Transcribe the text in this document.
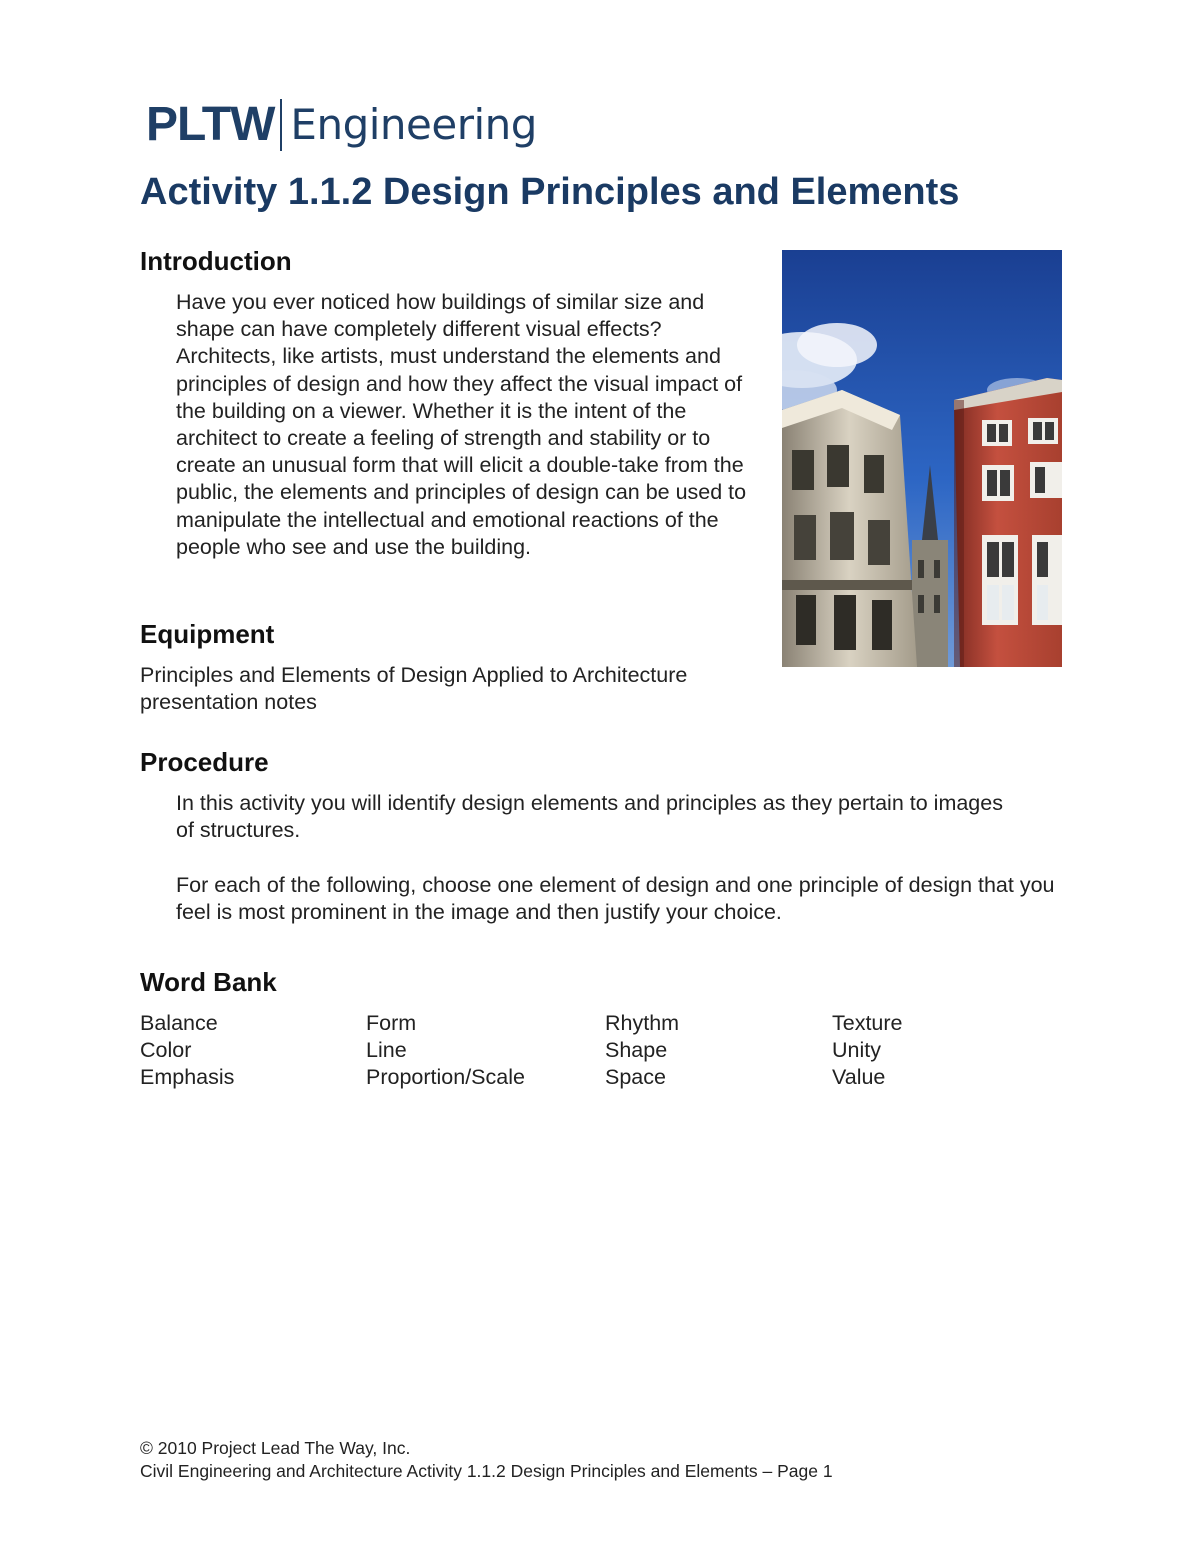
PLTW Engineering
Activity 1.1.2 Design Principles and Elements
Introduction

Have you ever noticed how buildings of similar size and shape can have completely different visual effects? Architects, like artists, must understand the elements and principles of design and how they affect the visual impact of the building on a viewer. Whether it is the intent of the architect to create a feeling of strength and stability or to create an unusual form that will elicit a double-take from the public, the elements and principles of design can be used to manipulate the intellectual and emotional reactions of the people who see and use the building.

Equipment

Principles and Elements of Design Applied to Architecture presentation notes

Procedure

In this activity you will identify design elements and principles as they pertain to images of structures.

For each of the following, choose one element of design and one principle of design that you feel is most prominent in the image and then justify your choice.

Word Bank
Balance
Color
Emphasis
Form
Line
Proportion/Scale
Rhythm
Shape
Space
Texture
Unity
Value
© 2010 Project Lead The Way, Inc.
Civil Engineering and Architecture Activity 1.1.2 Design Principles and Elements – Page 1
